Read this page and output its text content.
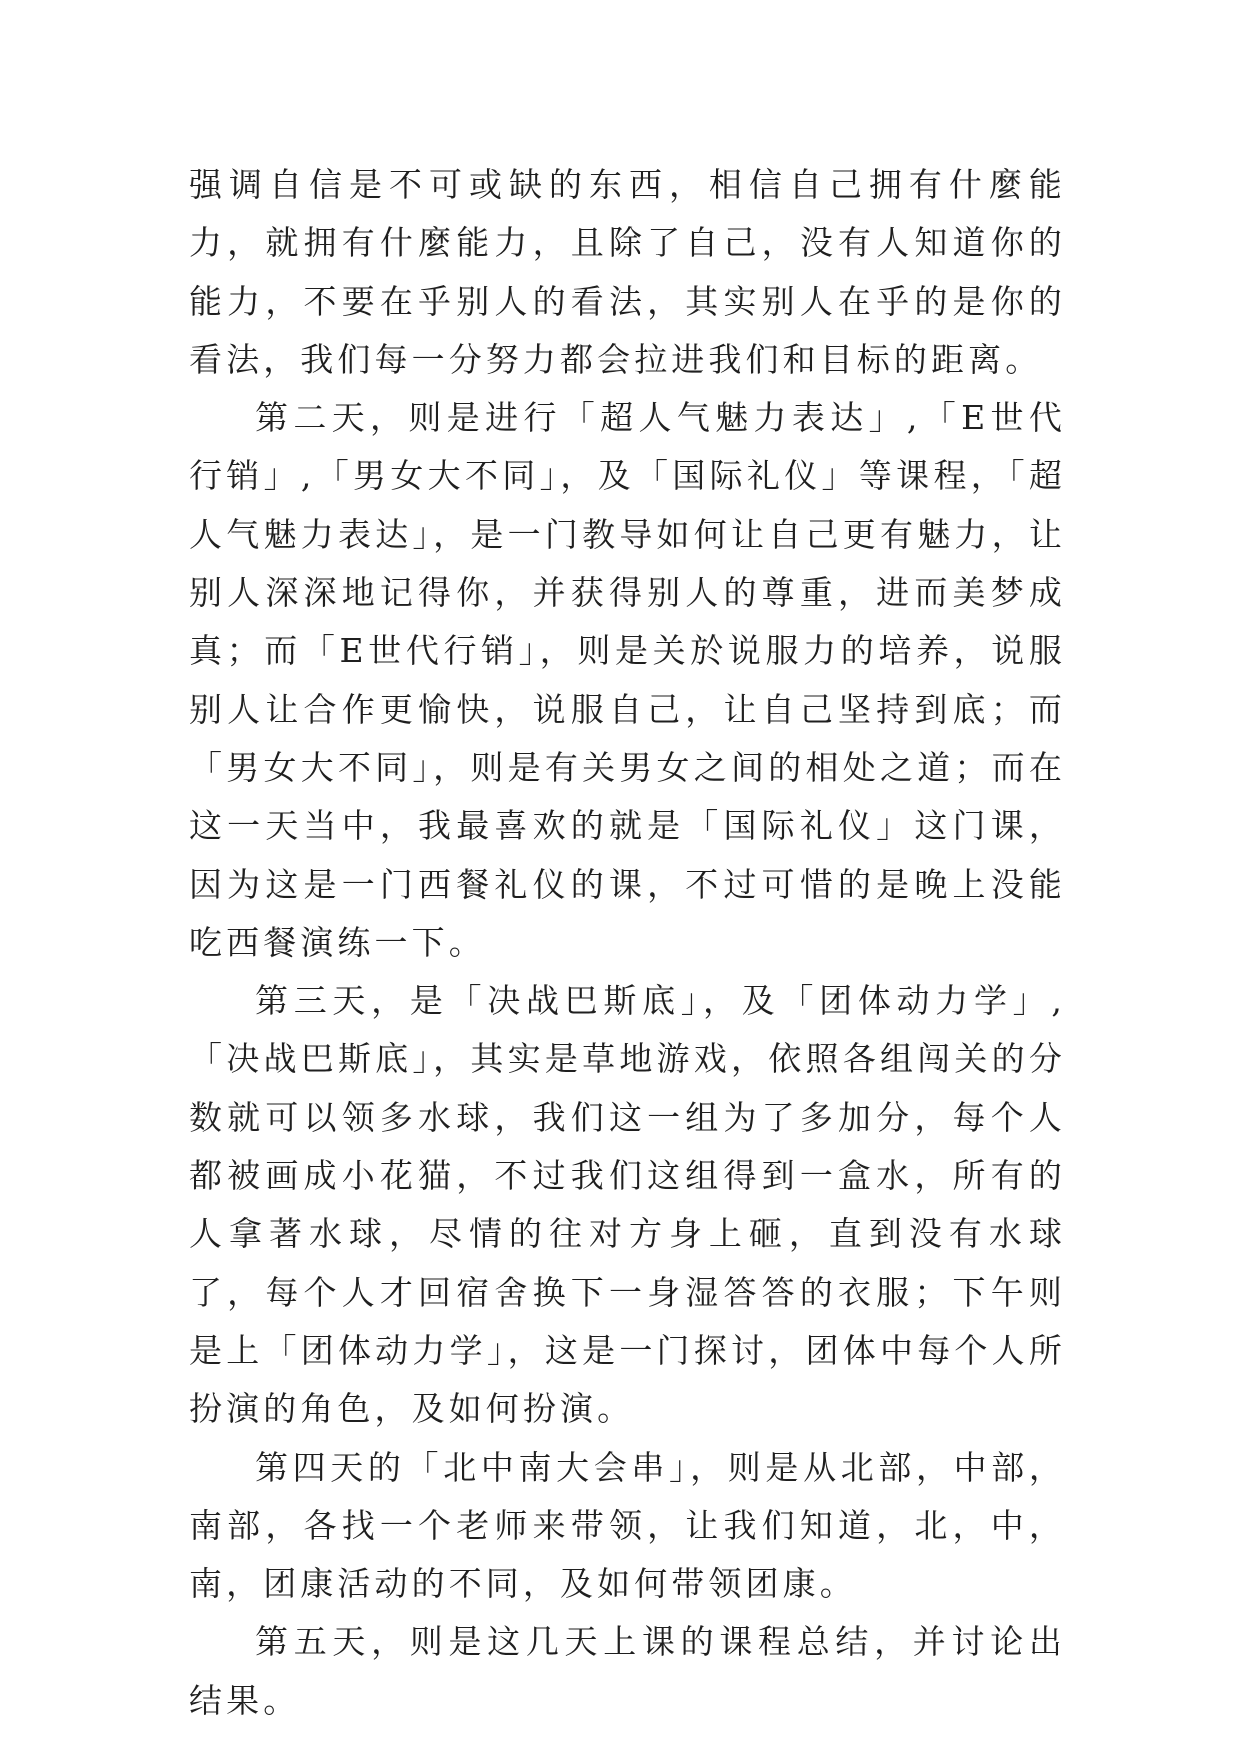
强调自信是不可或缺的东西，相信自己拥有什麼能力，就拥有什麼能力，且除了自己，没有人知道你的能力，不要在乎别人的看法，其实别人在乎的是你的看法，我们每一分努力都会拉进我们和目标的距离。

第二天，则是进行「超人气魅力表达」,「E世代行销」,「男女大不同」，及「国际礼仪」等课程，「超人气魅力表达」，是一门教导如何让自己更有魅力，让别人深深地记得你，并获得别人的尊重，进而美梦成真；而「E世代行销」，则是关於说服力的培养，说服别人让合作更愉快，说服自己，让自己坚持到底；而「男女大不同」，则是有关男女之间的相处之道；而在这一天当中，我最喜欢的就是「国际礼仪」这门课，因为这是一门西餐礼仪的课，不过可惜的是晚上没能吃西餐演练一下。

第三天，是「决战巴斯底」，及「团体动力学」,「决战巴斯底」，其实是草地游戏，依照各组闯关的分数就可以领多水球，我们这一组为了多加分，每个人都被画成小花猫，不过我们这组得到一盒水，所有的人拿著水球，尽情的往对方身上砸，直到没有水球了，每个人才回宿舍换下一身湿答答的衣服；下午则是上「团体动力学」，这是一门探讨，团体中每个人所扮演的角色，及如何扮演。

第四天的「北中南大会串」，则是从北部，中部，南部，各找一个老师来带领，让我们知道，北，中，南，团康活动的不同，及如何带领团康。

第五天，则是这几天上课的课程总结，并讨论出结果。
